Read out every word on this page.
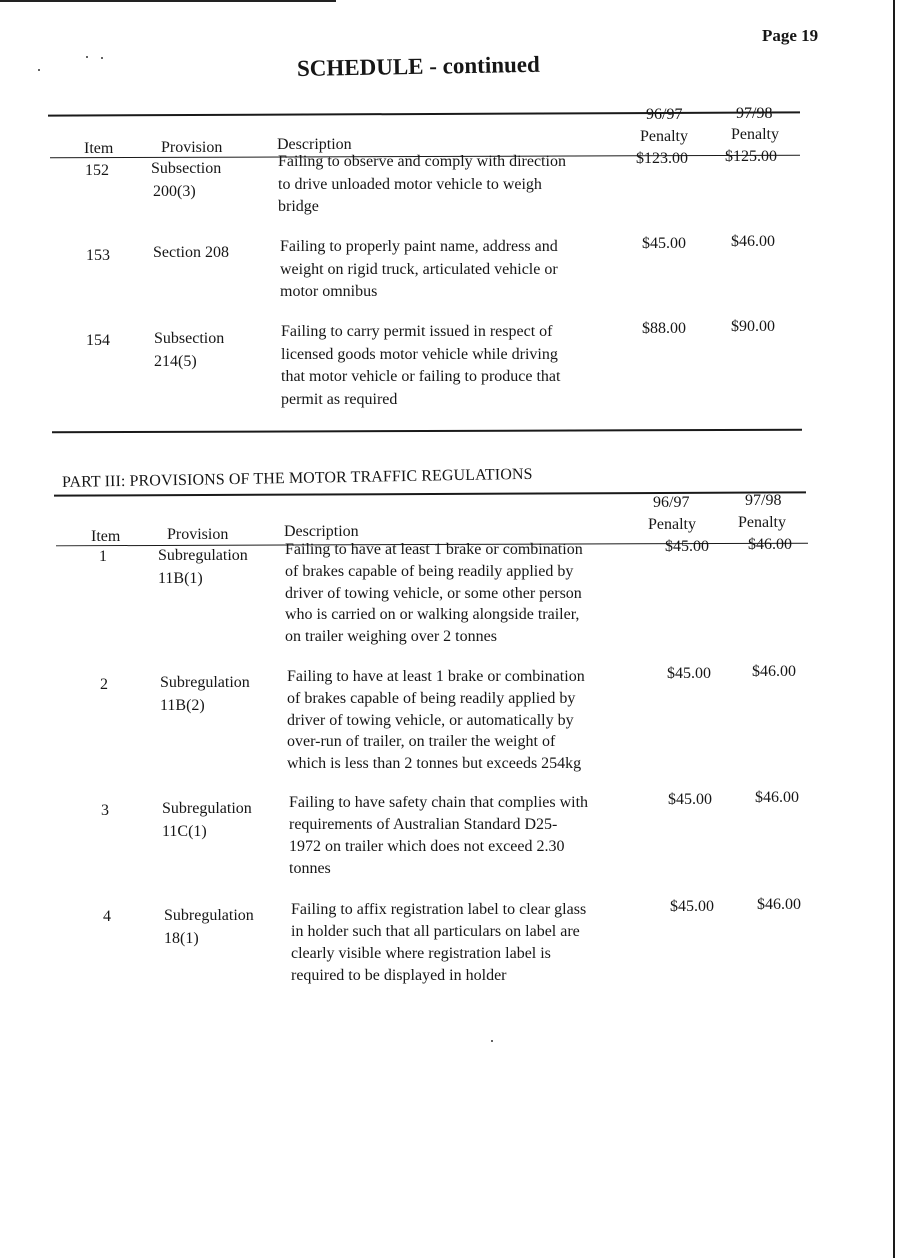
Page 19
SCHEDULE - continued
Item	Provision	Description
96/97	97/98
Penalty	Penalty
152	Subsection
200(3)
Failing to observe and comply with direction
to drive unloaded motor vehicle to weigh
bridge
$123.00 $125.00
153	Section 208	Failing to properly paint name, address and
weight on rigid truck, articulated vehicle or
motor omnibus
$45.00	$46.00
154	Subsection
214(5)
Failing to carry permit issued in respect of
licensed goods motor vehicle while driving
that motor vehicle or failing to produce that
permit as required
$88.00	$90.00
PART III: PROVISIONS OF THE MOTOR TRAFFIC REGULATIONS
Item	Provision	Description
96/97	97/98
Penalty	Penalty
1	Subregulation
11B(1)
Failing to have at least 1 brake or combination
of brakes capable of being readily applied by
driver of towing vehicle, or some other person
who is carried on or walking alongside trailer,
on trailer weighing over 2 tonnes
$45.00 $46.00
2	Subregulation
11B(2)
Failing to have at least 1 brake or combination
of brakes capable of being readily applied by
driver of towing vehicle, or automatically by
over-run of trailer, on trailer the weight of
which is less than 2 tonnes but exceeds 254kg
$45.00	$46.00
3	Subregulation
11C(1)
Failing to have safety chain that complies with
requirements of Australian Standard D25-
1972 on trailer which does not exceed 2.30
tonnes
$45.00	$46.00
4	Subregulation
18(1)
Failing to affix registration label to clear glass
in holder such that all particulars on label are
clearly visible where registration label is
required to be displayed in holder
$45.00	$46.00
